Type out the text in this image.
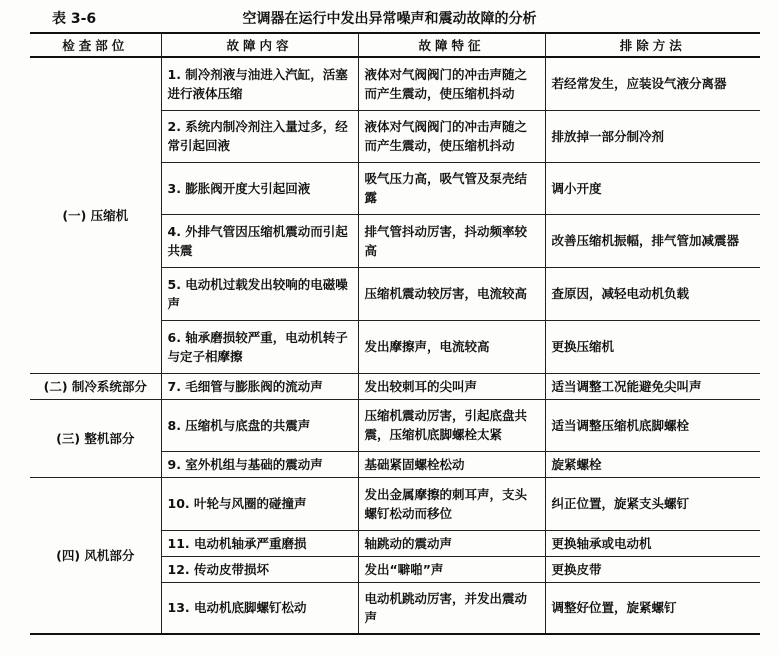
表 3-6	空调器在运行中发出异常噪声和震动故障的分析
检查部位	故障内容	故障特征	排除方法
(一) 压缩机	1. 制冷剂液与油进入汽缸，活塞进行液体压缩	液体对气阀阀门的冲击声随之而产生震动，使压缩机抖动	若经常发生，应装设气液分离器
	2. 系统内制冷剂注入量过多，经常引起回液	液体对气阀阀门的冲击声随之而产生震动，使压缩机抖动	排放掉一部分制冷剂
	3. 膨胀阀开度大引起回液	吸气压力高，吸气管及泵壳结露	调小开度
	4. 外排气管因压缩机震动而引起共震	排气管抖动厉害，抖动频率较高	改善压缩机振幅，排气管加减震器
	5. 电动机过载发出较响的电磁噪声	压缩机震动较厉害，电流较高	查原因，减轻电动机负载
	6. 轴承磨损较严重，电动机转子与定子相摩擦	发出摩擦声，电流较高	更换压缩机
(二) 制冷系统部分	7. 毛细管与膨胀阀的流动声	发出较刺耳的尖叫声	适当调整工况能避免尖叫声
(三) 整机部分	8. 压缩机与底盘的共震声	压缩机震动厉害，引起底盘共震，压缩机底脚螺栓太紧	适当调整压缩机底脚螺栓
	9. 室外机组与基础的震动声	基础紧固螺栓松动	旋紧螺栓
(四) 风机部分	10. 叶轮与风圈的碰撞声	发出金属摩擦的刺耳声，支头螺钉松动而移位	纠正位置，旋紧支头螺钉
	11. 电动机轴承严重磨损	轴跳动的震动声	更换轴承或电动机
	12. 传动皮带损坏	发出“噼啪”声	更换皮带
	13. 电动机底脚螺钉松动	电动机跳动厉害，并发出震动声	调整好位置，旋紧螺钉
